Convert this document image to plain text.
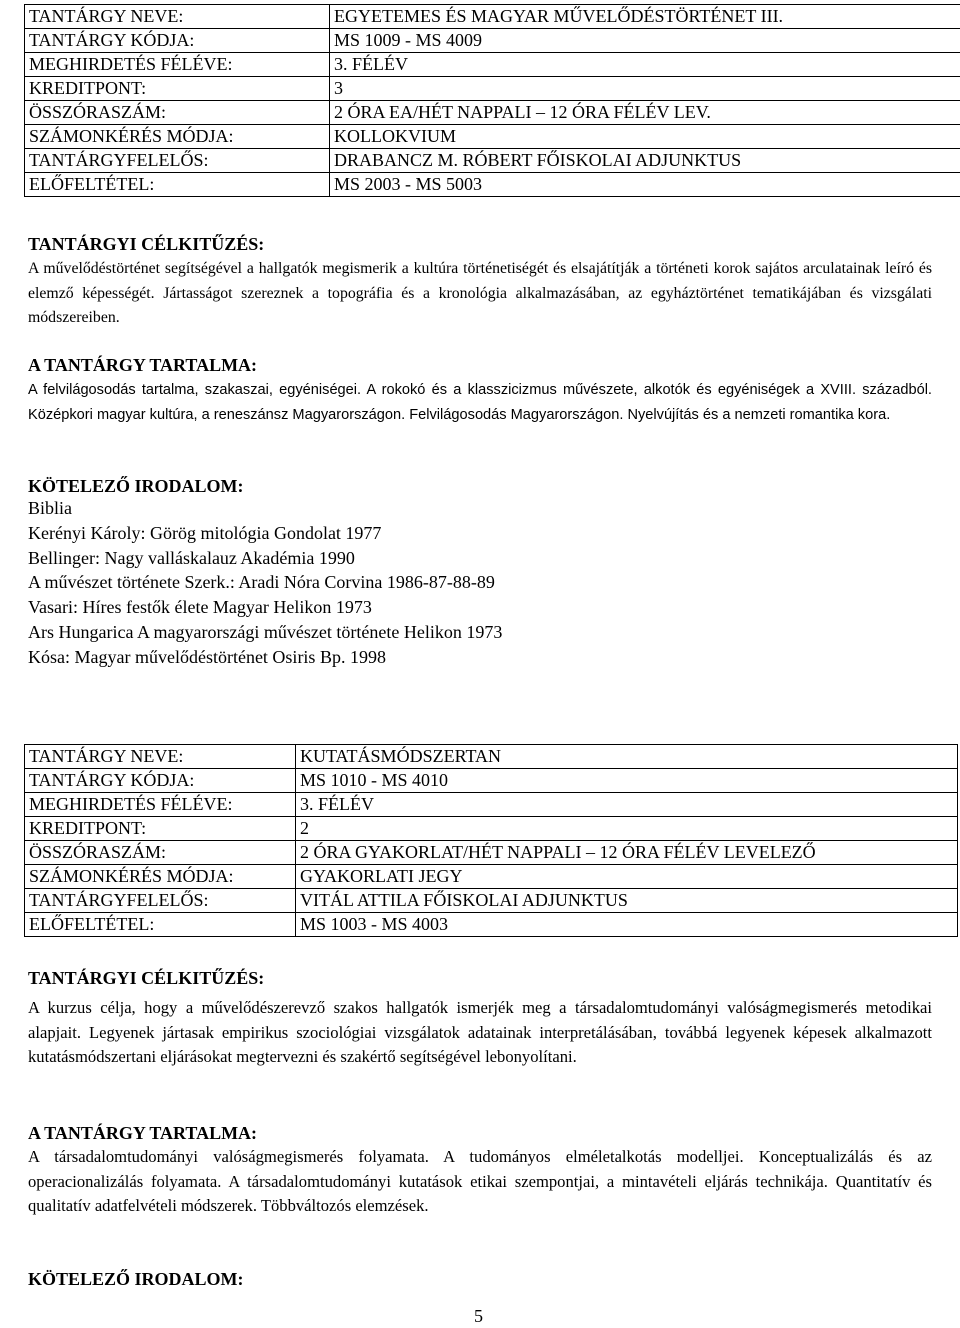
TANTÁRGY NEVE:	EGYETEMES ÉS MAGYAR MŰVELŐDÉSTÖRTÉNET III.
TANTÁRGY KÓDJA:	MS 1009 - MS 4009
MEGHIRDETÉS FÉLÉVE:	3. FÉLÉV
KREDITPONT:	3
ÖSSZÓRASZÁM:	2 ÓRA EA/HÉT NAPPALI – 12 ÓRA FÉLÉV LEV.
SZÁMONKÉRÉS MÓDJA:	KOLLOKVIUM
TANTÁRGYFELELŐS:	DRABANCZ M. RÓBERT FŐISKOLAI ADJUNKTUS
ELŐFELTÉTEL:	MS 2003 - MS 5003
TANTÁRGYI CÉLKITŰZÉS:

A művelődéstörténet segítségével a hallgatók megismerik a kultúra történetiségét és elsajátítják a történeti korok sajátos arculatainak leíró és elemző képességét. Jártasságot szereznek a topográfia és a kronológia alkalmazásában, az egyháztörténet tematikájában és vizsgálati módszereiben.

A TANTÁRGY TARTALMA:

A felvilágosodás tartalma, szakaszai, egyéniségei. A rokokó és a klasszicizmus művészete, alkotók és egyéniségek a XVIII. századból. Középkori magyar kultúra, a reneszánsz Magyarországon. Felvilágosodás Magyarországon. Nyelvújítás és a nemzeti romantika kora.

KÖTELEZŐ IRODALOM:
Biblia
Kerényi Károly: Görög mitológia Gondolat 1977
Bellinger: Nagy valláskalauz Akadémia 1990
A művészet története Szerk.: Aradi Nóra Corvina 1986-87-88-89
Vasari: Híres festők élete Magyar Helikon 1973
Ars Hungarica A magyarországi művészet története Helikon 1973
Kósa: Magyar művelődéstörténet Osiris Bp. 1998
TANTÁRGY NEVE:	KUTATÁSMÓDSZERTAN
TANTÁRGY KÓDJA:	MS 1010 - MS 4010
MEGHIRDETÉS FÉLÉVE:	3. FÉLÉV
KREDITPONT:	2
ÖSSZÓRASZÁM:	2 ÓRA GYAKORLAT/HÉT NAPPALI – 12 ÓRA FÉLÉV LEVELEZŐ
SZÁMONKÉRÉS MÓDJA:	GYAKORLATI JEGY
TANTÁRGYFELELŐS:	VITÁL ATTILA FŐISKOLAI ADJUNKTUS
ELŐFELTÉTEL:	MS 1003 - MS 4003
TANTÁRGYI CÉLKITŰZÉS:

A kurzus célja, hogy a művelődészerevző szakos hallgatók ismerjék meg a társadalomtudományi valóságmegismerés metodikai alapjait. Legyenek jártasak empirikus szociológiai vizsgálatok adatainak interpretálásában, továbbá legyenek képesek alkalmazott kutatásmódszertani eljárásokat megtervezni és szakértő segítségével lebonyolítani.

A TANTÁRGY TARTALMA:

A társadalomtudományi valóságmegismerés folyamata. A tudományos elméletalkotás modelljei. Konceptualizálás és az operacionalizálás folyamata. A társadalomtudományi kutatások etikai szempontjai, a mintavételi eljárás technikája. Quantitatív és qualitatív adatfelvételi módszerek. Többváltozós elemzések.

KÖTELEZŐ IRODALOM:
5
